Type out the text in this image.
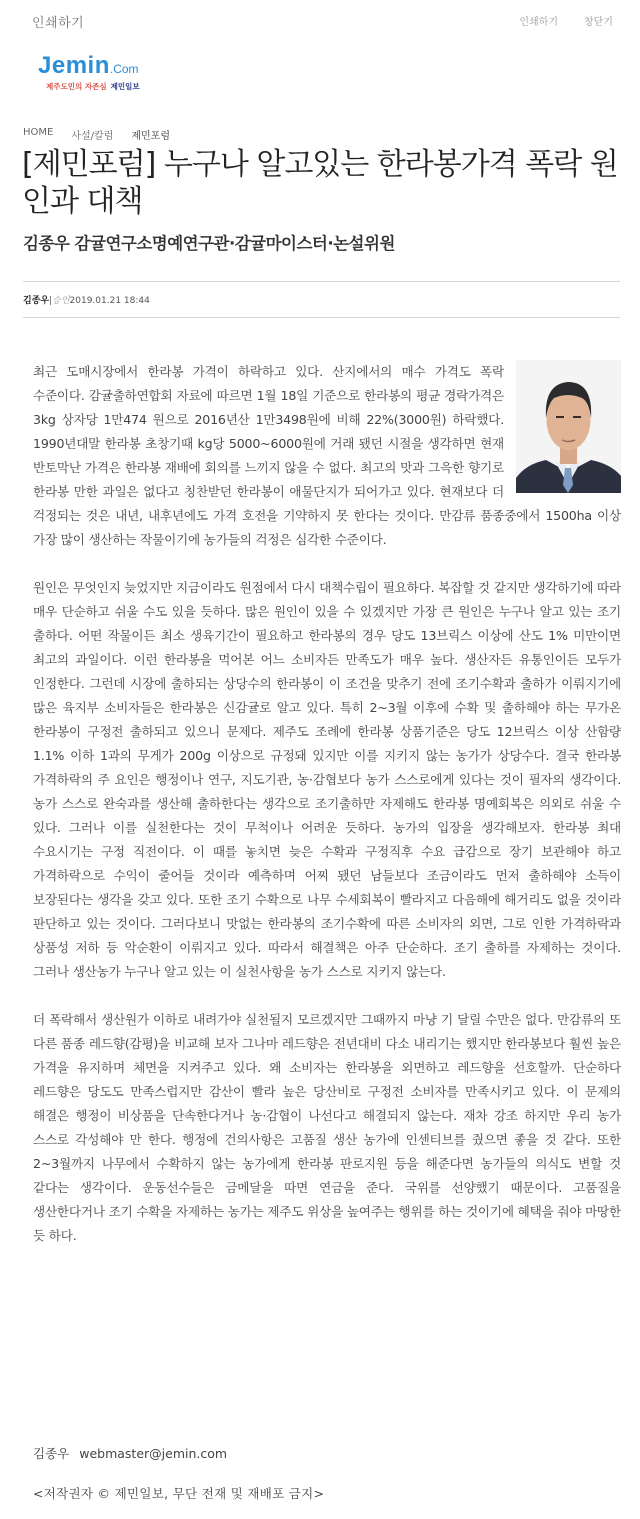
인쇄하기	인쇄하기	창닫기
Jemin.Com
제주도민의 자존심 제민일보
HOME 사설/칼럼 제민포럼
[제민포럼] 누구나 알고있는 한라봉가격 폭락 원인과 대책
김종우 감귤연구소명예연구관·감귤마이스터·논설위원
김종우|승인2019.01.21 18:44

최근 도매시장에서 한라봉 가격이 하락하고 있다. 산지에서의 매수 가격도 폭락 수준이다. 감귤출하연합회 자료에 따르면 1월 18일 기준으로 한라봉의 평균 경락가격은 3kg 상자당 1만474 원으로 2016년산 1만3498원에 비해 22%(3000원) 하락했다. 1990년대말 한라봉 초창기때 kg당 5000~6000원에 거래 됐던 시절을 생각하면 현재 반토막난 가격은 한라봉 재배에 회의를 느끼지 않을 수 없다. 최고의 맛과 그윽한 향기로 한라봉 만한 과일은 없다고 칭찬받던 한라봉이 애물단지가 되어가고 있다. 현재보다 더 걱정되는 것은 내년, 내후년에도 가격 호전을 기약하지 못 한다는 것이다. 만감류 품종중에서 1500ha 이상 가장 많이 생산하는 작물이기에 농가들의 걱정은 심각한 수준이다.

원인은 무엇인지 늦었지만 지금이라도 원점에서 다시 대책수립이 필요하다. 복잡할 것 같지만 생각하기에 따라 매우 단순하고 쉬울 수도 있을 듯하다. 많은 원인이 있을 수 있겠지만 가장 큰 원인은 누구나 알고 있는 조기 출하다. 어떤 작물이든 최소 생육기간이 필요하고 한라봉의 경우 당도 13브릭스 이상에 산도 1% 미만이면 최고의 과일이다. 이런 한라봉을 먹어본 어느 소비자든 만족도가 매우 높다. 생산자든 유통인이든 모두가 인정한다. 그런데 시장에 출하되는 상당수의 한라봉이 이 조건을 맞추기 전에 조기수확과 출하가 이뤄지기에 많은 육지부 소비자들은 한라봉은 신감귤로 알고 있다. 특히 2~3월 이후에 수확 및 출하해야 하는 무가온 한라봉이 구정전 출하되고 있으니 문제다. 제주도 조례에 한라봉 상품기준은 당도 12브릭스 이상 산함량 1.1% 이하 1과의 무게가 200g 이상으로 규정돼 있지만 이를 지키지 않는 농가가 상당수다. 결국 한라봉 가격하락의 주 요인은 행정이나 연구, 지도기관, 농·감협보다 농가 스스로에게 있다는 것이 필자의 생각이다. 농가 스스로 완숙과를 생산해 출하한다는 생각으로 조기출하만 자제해도 한라봉 명예회복은 의외로 쉬울 수 있다. 그러나 이를 실천한다는 것이 무척이나 어려운 듯하다. 농가의 입장을 생각해보자. 한라봉 최대 수요시기는 구정 직전이다. 이 때를 놓치면 늦은 수확과 구정직후 수요 급감으로 장기 보관해야 하고 가격하락으로 수익이 줄어들 것이라 예측하며 어찌 됐던 남들보다 조금이라도 먼저 출하해야 소득이 보장된다는 생각을 갖고 있다. 또한 조기 수확으로 나무 수세회복이 빨라지고 다음해에 해거리도 없을 것이라 판단하고 있는 것이다. 그러다보니 맛없는 한라봉의 조기수확에 따른 소비자의 외면, 그로 인한 가격하락과 상품성 저하 등 악순환이 이뤄지고 있다. 따라서 해결책은 아주 단순하다. 조기 출하를 자제하는 것이다. 그러나 생산농가 누구나 알고 있는 이 실천사항을 농가 스스로 지키지 않는다.

더 폭락해서 생산원가 이하로 내려가야 실천될지 모르겠지만 그때까지 마냥 기 달릴 수만은 없다. 만감류의 또 다른 품종 레드향(감평)을 비교해 보자 그나마 레드향은 전년대비 다소 내리기는 했지만 한라봉보다 훨씬 높은 가격을 유지하며 체면을 지켜주고 있다. 왜 소비자는 한라봉을 외면하고 레드향을 선호할까. 단순하다 레드향은 당도도 만족스럽지만 감산이 빨라 높은 당산비로 구정전 소비자를 만족시키고 있다. 이 문제의 해결은 행정이 비상품을 단속한다거나 농·감협이 나선다고 해결되지 않는다. 재차 강조 하지만 우리 농가 스스로 각성해야 만 한다. 행정에 건의사항은 고품질 생산 농가에 인센티브를 줬으면 좋을 것 같다. 또한 2~3월까지 나무에서 수확하지 않는 농가에게 한라봉 판로지원 등을 해준다면 농가들의 의식도 변할 것 같다는 생각이다. 운동선수들은 금메달을 따면 연금을 준다. 국위를 선양했기 때문이다. 고품질을 생산한다거나 조기 수확을 자제하는 농가는 제주도 위상을 높여주는 행위를 하는 것이기에 혜택을 줘야 마땅한 듯 하다.

김종우 webmaster@jemin.com
<저작권자 © 제민일보, 무단 전재 및 재배포 금지>
